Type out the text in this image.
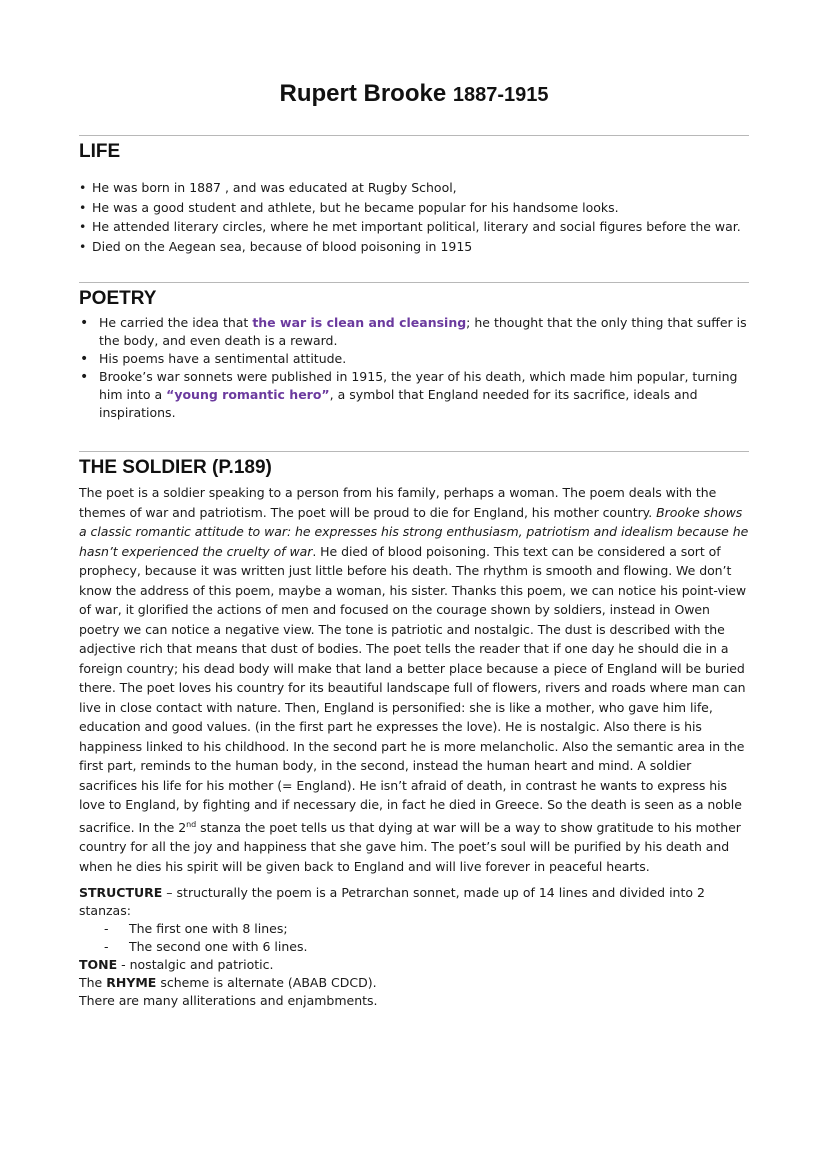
Rupert Brooke 1887-1915
LIFE
• He was born in 1887 , and was educated at Rugby School,
• He was a good student and athlete, but he became popular for his handsome looks.
• He attended literary circles, where he met important political, literary and social figures before the war.
• Died on the Aegean sea, because of blood poisoning in 1915
POETRY
• He carried the idea that the war is clean and cleansing; he thought that the only thing that suffer is the body, and even death is a reward.
• His poems have a sentimental attitude.
• Brooke’s war sonnets were published in 1915, the year of his death, which made him popular, turning him into a “young romantic hero”, a symbol that England needed for its sacrifice, ideals and inspirations.
THE SOLDIER (P.189)

The poet is a soldier speaking to a person from his family, perhaps a woman. The poem deals with the themes of war and patriotism. The poet will be proud to die for England, his mother country. Brooke shows a classic romantic attitude to war: he expresses his strong enthusiasm, patriotism and idealism because he hasn’t experienced the cruelty of war. He died of blood poisoning. This text can be considered a sort of prophecy, because it was written just little before his death. The rhythm is smooth and flowing. We don’t know the address of this poem, maybe a woman, his sister. Thanks this poem, we can notice his point-view of war, it glorified the actions of men and focused on the courage shown by soldiers, instead in Owen poetry we can notice a negative view. The tone is patriotic and nostalgic. The dust is described with the adjective rich that means that dust of bodies. The poet tells the reader that if one day he should die in a foreign country; his dead body will make that land a better place because a piece of England will be buried there. The poet loves his country for its beautiful landscape full of flowers, rivers and roads where man can live in close contact with nature. Then, England is personified: she is like a mother, who gave him life, education and good values. (in the first part he expresses the love). He is nostalgic. Also there is his happiness linked to his childhood. In the second part he is more melancholic. Also the semantic area in the first part, reminds to the human body, in the second, instead the human heart and mind. A soldier sacrifices his life for his mother (= England). He isn’t afraid of death, in contrast he wants to express his love to England, by fighting and if necessary die, in fact he died in Greece. So the death is seen as a noble sacrifice. In the 2nd stanza the poet tells us that dying at war will be a way to show gratitude to his mother country for all the joy and happiness that she gave him. The poet’s soul will be purified by his death and when he dies his spirit will be given back to England and will live forever in peaceful hearts.

STRUCTURE – structurally the poem is a Petrarchan sonnet, made up of 14 lines and divided into 2 stanzas:
- The first one with 8 lines;
- The second one with 6 lines.
TONE - nostalgic and patriotic.
The RHYME scheme is alternate (ABAB CDCD).
There are many alliterations and enjambments.
